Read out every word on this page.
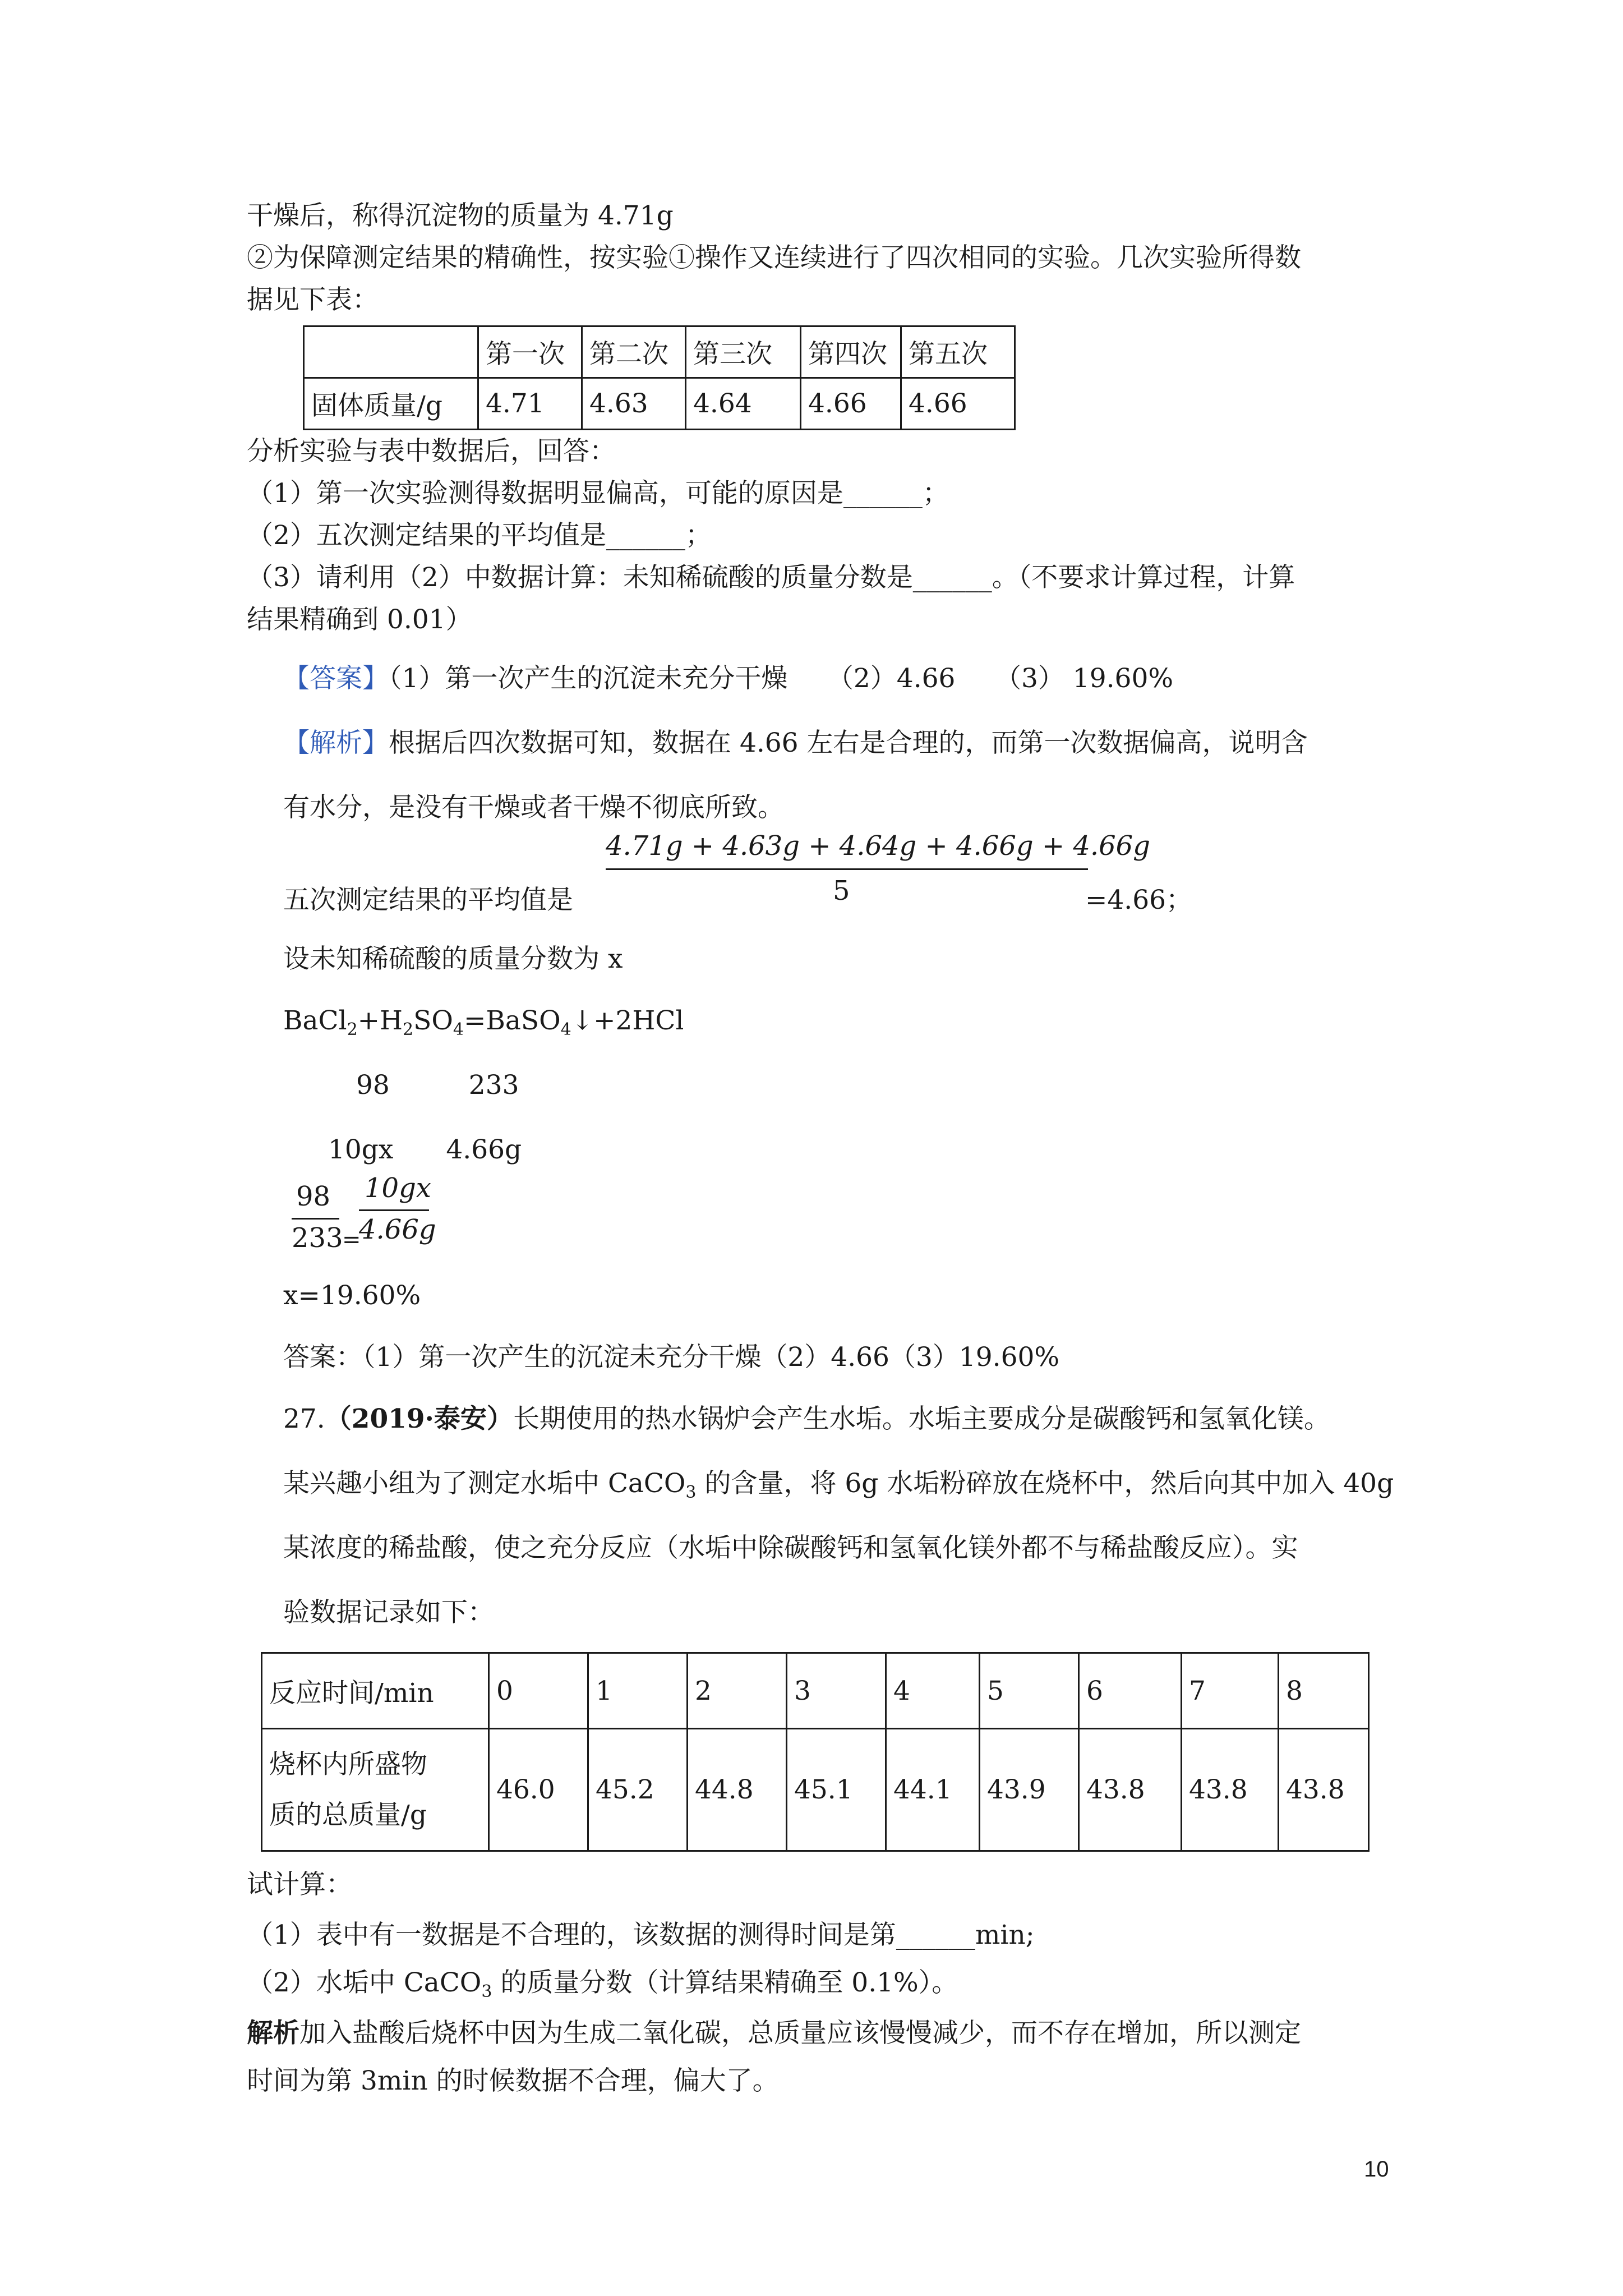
干燥后，称得沉淀物的质量为 4.71g
②为保障测定结果的精确性，按实验①操作又连续进行了四次相同的实验。几次实验所得数
据见下表：
	第一次	第二次	第三次	第四次	第五次
固体质量/g	4.71	4.63	4.64	4.66	4.66
分析实验与表中数据后，回答：
（1）第一次实验测得数据明显偏高，可能的原因是______；
（2）五次测定结果的平均值是______；
（3）请利用（2）中数据计算：未知稀硫酸的质量分数是______。（不要求计算过程，计算
结果精确到 0.01）
【答案】（1）第一次产生的沉淀未充分干燥　　（2）4.66　　（3） 19.60%
【解析】根据后四次数据可知，数据在 4.66 左右是合理的，而第一次数据偏高，说明含
有水分，是没有干燥或者干燥不彻底所致。
五次测定结果的平均值是
4.71g + 4.63g + 4.64g + 4.66g + 4.66g
5	=4.66；
设未知稀硫酸的质量分数为 x
$BaCl_2+H_2SO_4=BaSO_4↓+2HCl$
98　　　233
10gx　　4.66g
98
233
=
10gx
4.66g
x=19.60%
答案：（1）第一次产生的沉淀未充分干燥（2）4.66（3）19.60%
27.（2019·泰安）长期使用的热水锅炉会产生水垢。水垢主要成分是碳酸钙和氢氧化镁。
某兴趣小组为了测定水垢中 CaCO$_3$ 的含量，将 6g 水垢粉碎放在烧杯中，然后向其中加入 40g
某浓度的稀盐酸，使之充分反应（水垢中除碳酸钙和氢氧化镁外都不与稀盐酸反应）。实
验数据记录如下：
反应时间/min	0	1	2	3	4	5	6	7	8

烧杯内所盛物
质的总质量/g	46.0	45.2	44.8	45.1	44.1	43.9	43.8	43.8	43.8
试计算：
（1）表中有一数据是不合理的，该数据的测得时间是第______min;
（2）水垢中 CaCO$_3$ 的质量分数（计算结果精确至 0.1%）。
解析加入盐酸后烧杯中因为生成二氧化碳，总质量应该慢慢减少，而不存在增加，所以测定
时间为第 3min 的时候数据不合理，偏大了。
10
